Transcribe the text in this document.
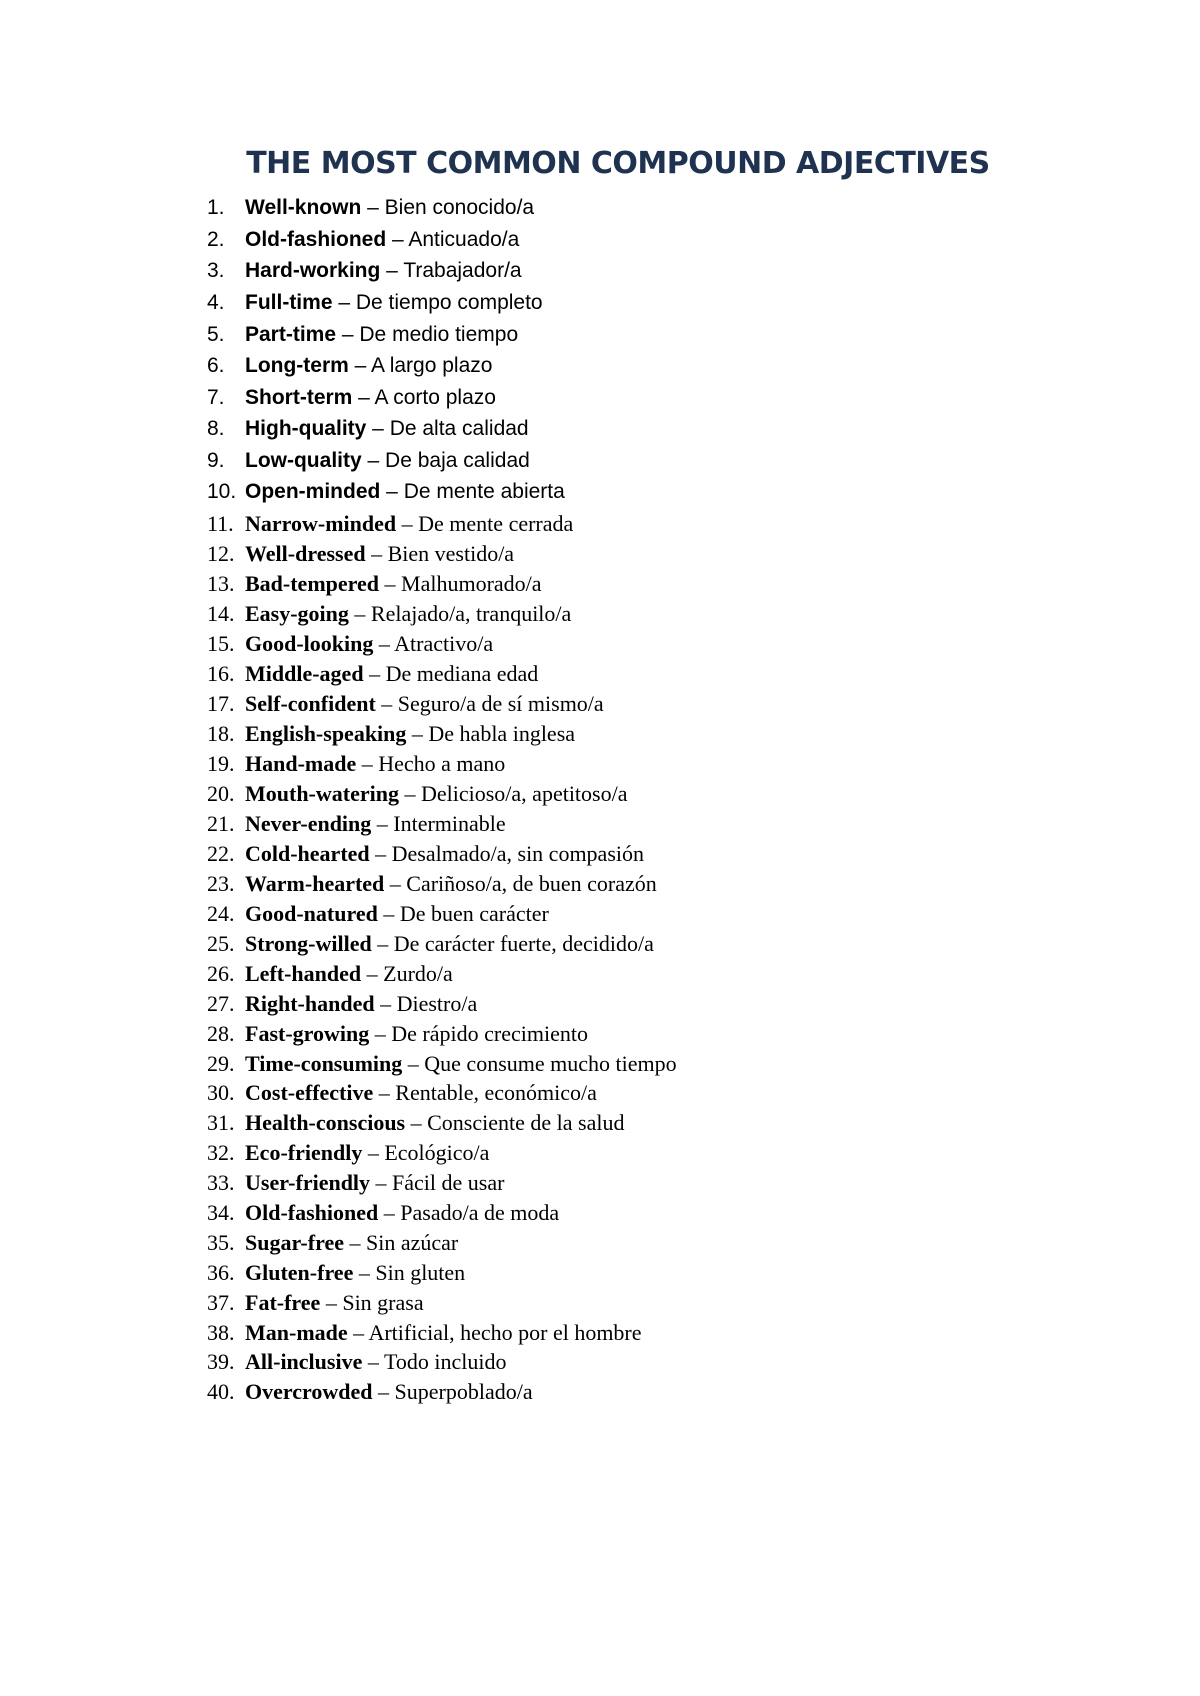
THE MOST COMMON COMPOUND ADJECTIVES
1. Well-known – Bien conocido/a
2. Old-fashioned – Anticuado/a
3. Hard-working – Trabajador/a
4. Full-time – De tiempo completo
5. Part-time – De medio tiempo
6. Long-term – A largo plazo
7. Short-term – A corto plazo
8. High-quality – De alta calidad
9. Low-quality – De baja calidad
10. Open-minded – De mente abierta
11. Narrow-minded – De mente cerrada
12. Well-dressed – Bien vestido/a
13. Bad-tempered – Malhumorado/a
14. Easy-going – Relajado/a, tranquilo/a
15. Good-looking – Atractivo/a
16. Middle-aged – De mediana edad
17. Self-confident – Seguro/a de sí mismo/a
18. English-speaking – De habla inglesa
19. Hand-made – Hecho a mano
20. Mouth-watering – Delicioso/a, apetitoso/a
21. Never-ending – Interminable
22. Cold-hearted – Desalmado/a, sin compasión
23. Warm-hearted – Cariñoso/a, de buen corazón
24. Good-natured – De buen carácter
25. Strong-willed – De carácter fuerte, decidido/a
26. Left-handed – Zurdo/a
27. Right-handed – Diestro/a
28. Fast-growing – De rápido crecimiento
29. Time-consuming – Que consume mucho tiempo
30. Cost-effective – Rentable, económico/a
31. Health-conscious – Consciente de la salud
32. Eco-friendly – Ecológico/a
33. User-friendly – Fácil de usar
34. Old-fashioned – Pasado/a de moda
35. Sugar-free – Sin azúcar
36. Gluten-free – Sin gluten
37. Fat-free – Sin grasa
38. Man-made – Artificial, hecho por el hombre
39. All-inclusive – Todo incluido
40. Overcrowded – Superpoblado/a
